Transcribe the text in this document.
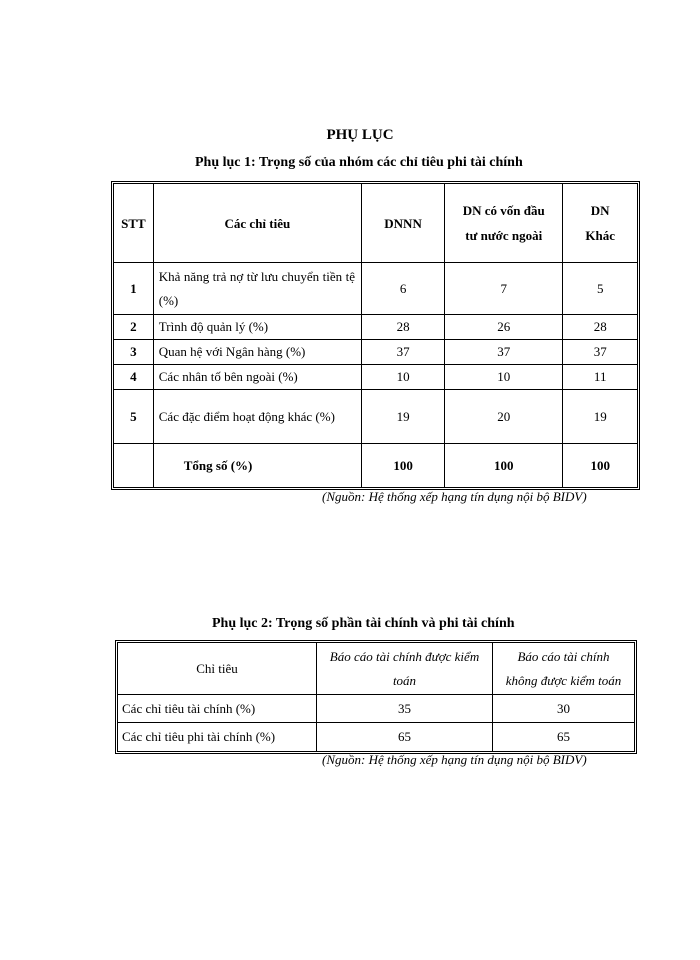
PHỤ LỤC
Phụ lục 1: Trọng số của nhóm các chỉ tiêu phi tài chính
STT	Các chỉ tiêu	DNNN	DN có vốn đầu tư nước ngoài	DN Khác
1	Khả năng trả nợ từ lưu chuyển tiền tệ (%)	6	7	5
2	Trình độ quản lý (%)	28	26	28
3	Quan hệ với Ngân hàng (%)	37	37	37
4	Các nhân tố bên ngoài (%)	10	10	11
5	Các đặc điểm hoạt động khác (%)	19	20	19
	Tổng số (%)	100	100	100
(Nguồn: Hệ thống xếp hạng tín dụng nội bộ BIDV)
Phụ lục 2: Trọng số phần tài chính và phi tài chính
Chỉ tiêu	Báo cáo tài chính được kiểm toán	Báo cáo tài chính không được kiểm toán
Các chỉ tiêu tài chính (%)	35	30
Các chỉ tiêu phi tài chính (%)	65	65
(Nguồn: Hệ thống xếp hạng tín dụng nội bộ BIDV)
